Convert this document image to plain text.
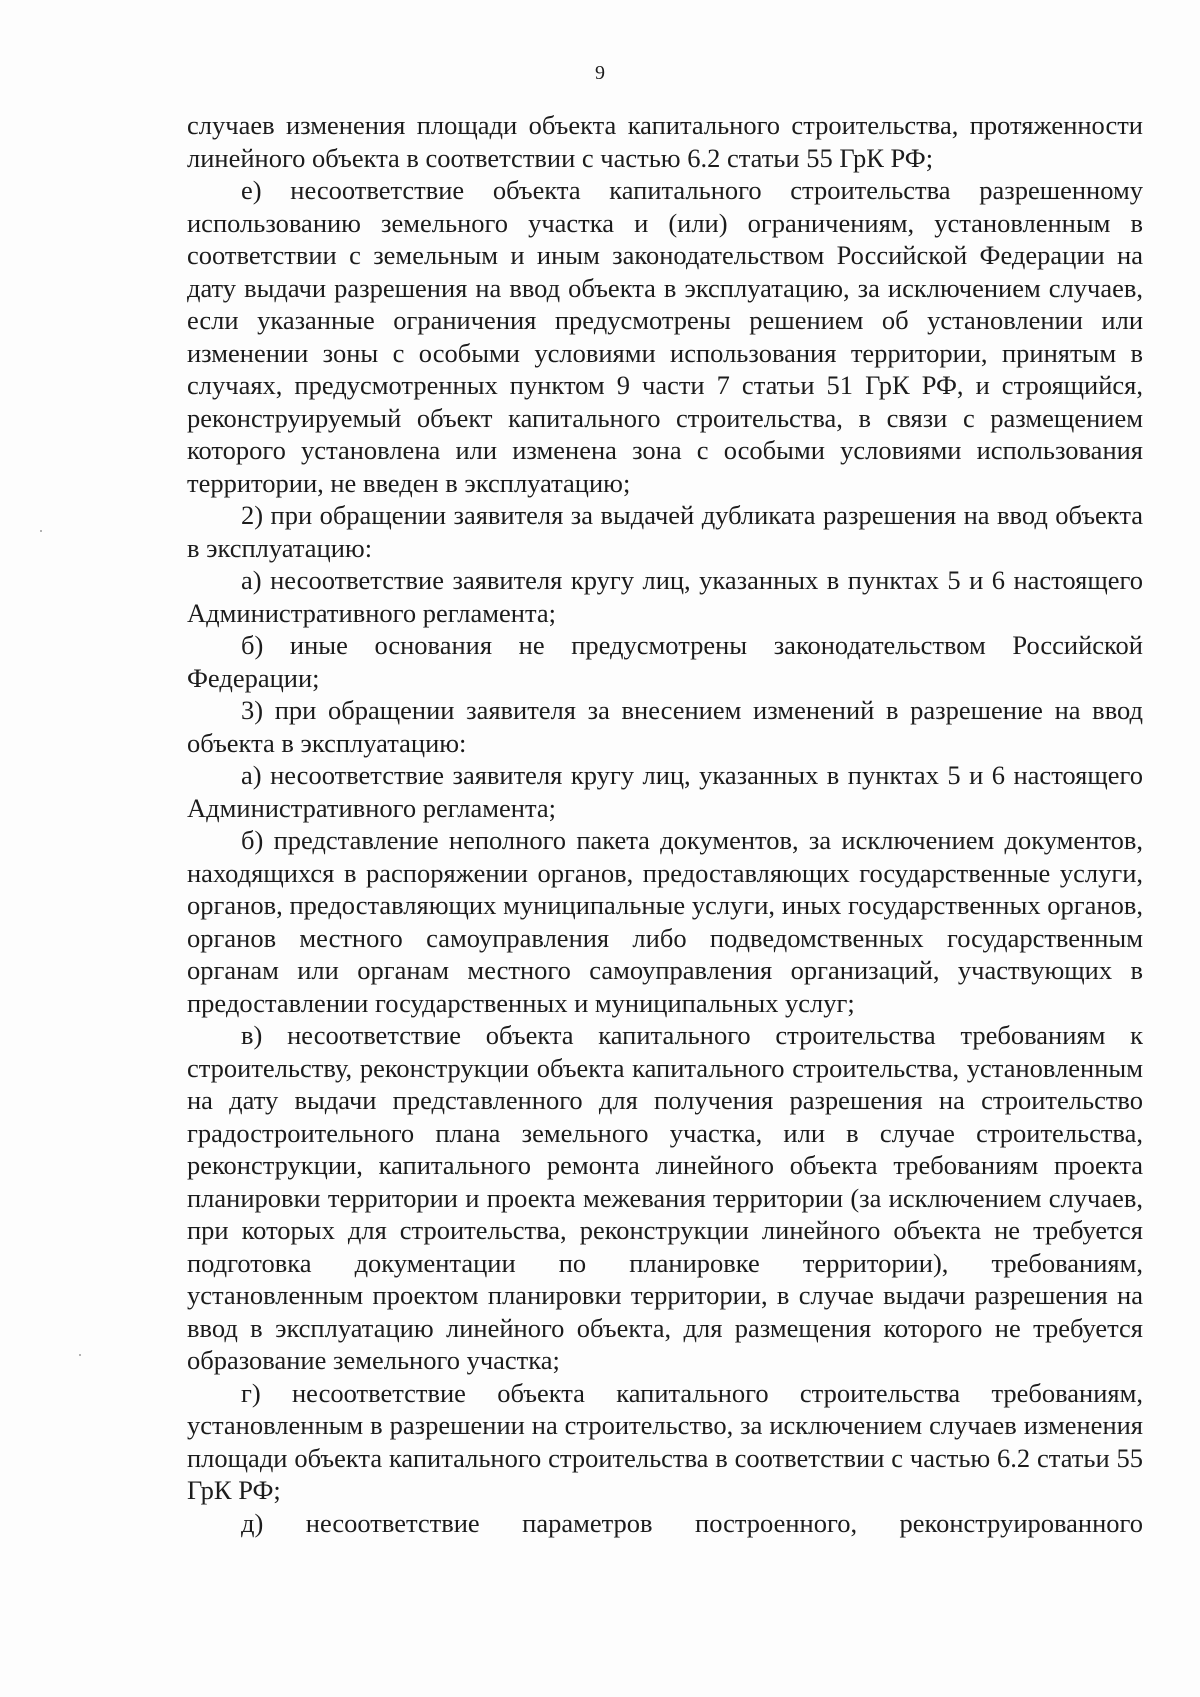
9

случаев изменения площади объекта капитального строительства, протяженности линейного объекта в соответствии с частью 6.2 статьи 55 ГрК РФ;

е) несоответствие объекта капитального строительства разрешенному использованию земельного участка и (или) ограничениям, установленным в соответствии с земельным и иным законодательством Российской Федерации на дату выдачи разрешения на ввод объекта в эксплуатацию, за исключением случаев, если указанные ограничения предусмотрены решением об установлении или изменении зоны с особыми условиями использования территории, принятым в случаях, предусмотренных пунктом 9 части 7 статьи 51 ГрК РФ, и строящийся, реконструируемый объект капитального строительства, в связи с размещением которого установлена или изменена зона с особыми условиями использования территории, не введен в эксплуатацию;

2) при обращении заявителя за выдачей дубликата разрешения на ввод объекта в эксплуатацию:

а) несоответствие заявителя кругу лиц, указанных в пунктах 5 и 6 настоящего Административного регламента;

б) иные основания не предусмотрены законодательством Российской Федерации;

3) при обращении заявителя за внесением изменений в разрешение на ввод объекта в эксплуатацию:

а) несоответствие заявителя кругу лиц, указанных в пунктах 5 и 6 настоящего Административного регламента;

б) представление неполного пакета документов, за исключением документов, находящихся в распоряжении органов, предоставляющих государственные услуги, органов, предоставляющих муниципальные услуги, иных государственных органов, органов местного самоуправления либо подведомственных государственным органам или органам местного самоуправления организаций, участвующих в предоставлении государственных и муниципальных услуг;

в) несоответствие объекта капитального строительства требованиям к строительству, реконструкции объекта капитального строительства, установленным на дату выдачи представленного для получения разрешения на строительство градостроительного плана земельного участка, или в случае строительства, реконструкции, капитального ремонта линейного объекта требованиям проекта планировки территории и проекта межевания территории (за исключением случаев, при которых для строительства, реконструкции линейного объекта не требуется подготовка документации по планировке территории), требованиям, установленным проектом планировки территории, в случае выдачи разрешения на ввод в эксплуатацию линейного объекта, для размещения которого не требуется образование земельного участка;

г) несоответствие объекта капитального строительства требованиям, установленным в разрешении на строительство, за исключением случаев изменения площади объекта капитального строительства в соответствии с частью 6.2 статьи 55 ГрК РФ;

д) несоответствие параметров построенного, реконструированного
